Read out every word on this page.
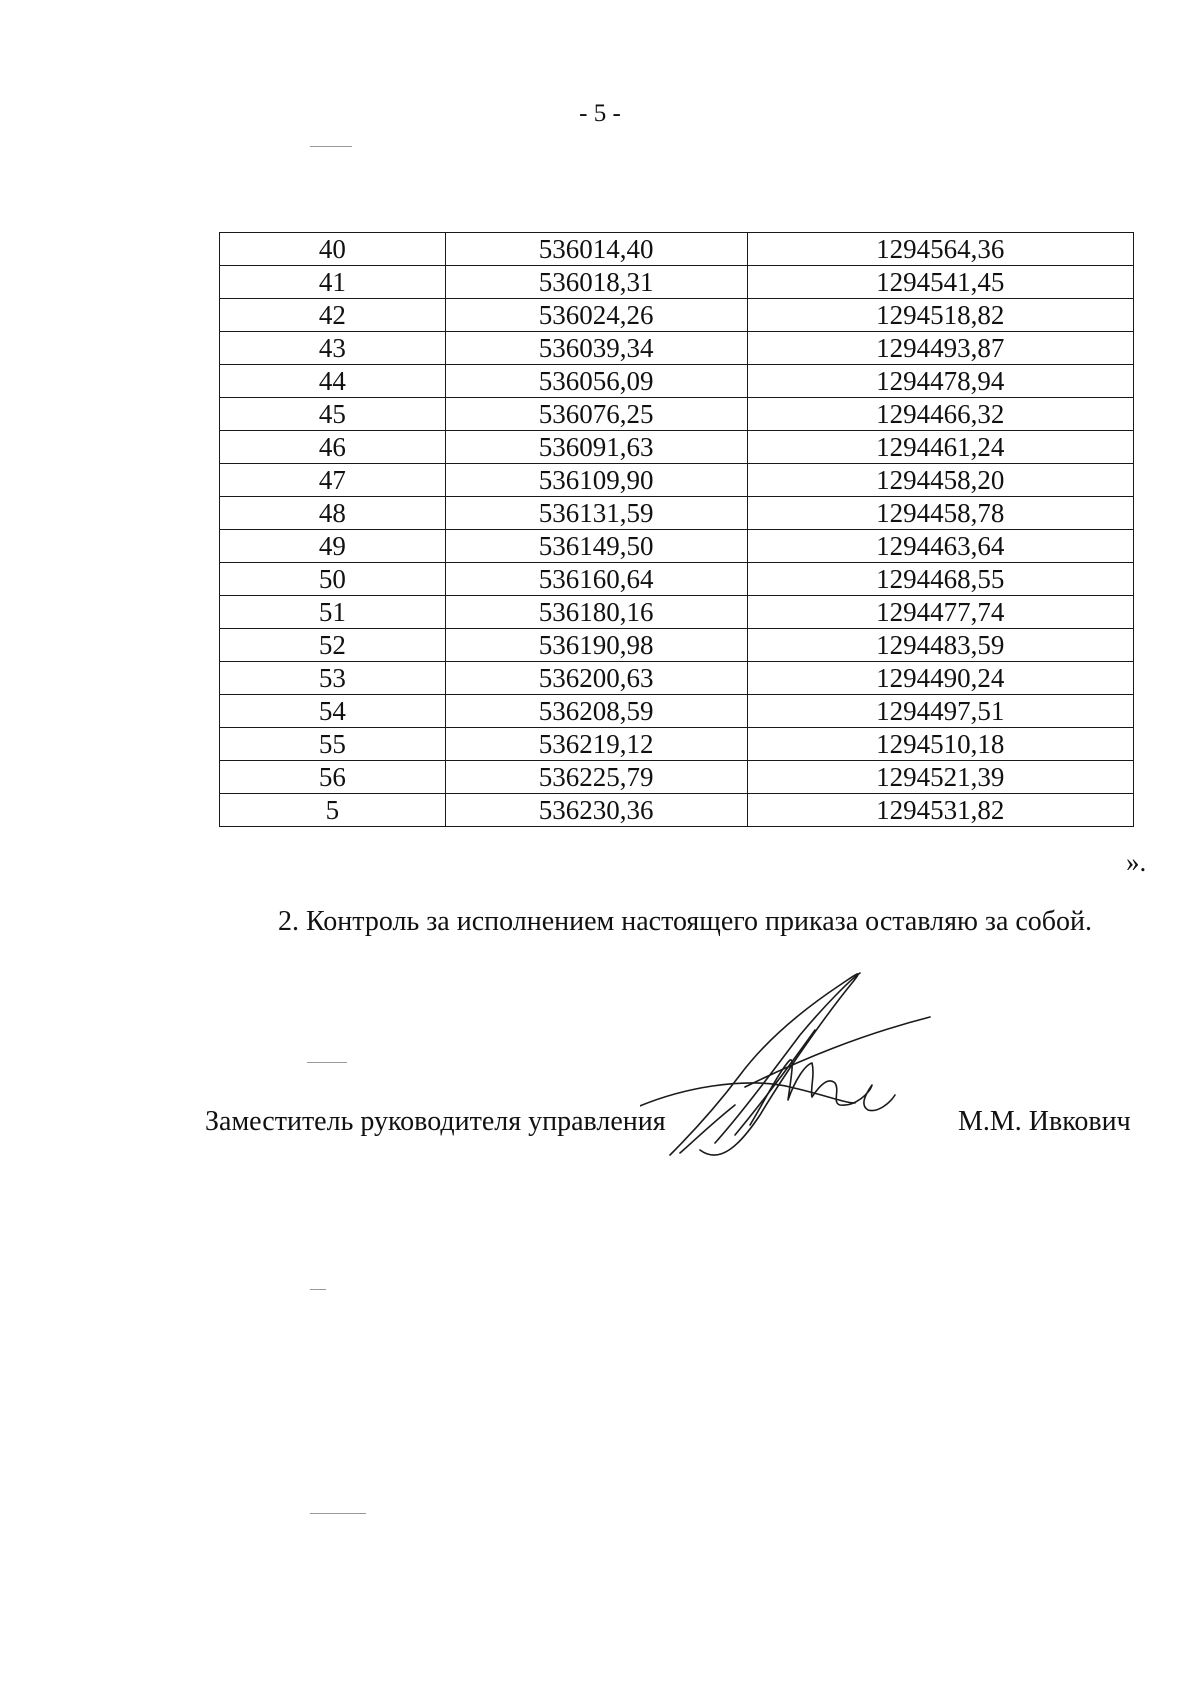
- 5 -
40	536014,40	1294564,36
41	536018,31	1294541,45
42	536024,26	1294518,82
43	536039,34	1294493,87
44	536056,09	1294478,94
45	536076,25	1294466,32
46	536091,63	1294461,24
47	536109,90	1294458,20
48	536131,59	1294458,78
49	536149,50	1294463,64
50	536160,64	1294468,55
51	536180,16	1294477,74
52	536190,98	1294483,59
53	536200,63	1294490,24
54	536208,59	1294497,51
55	536219,12	1294510,18
56	536225,79	1294521,39
5	536230,36	1294531,82
».
2. Контроль за исполнением настоящего приказа оставляю за собой.
Заместитель руководителя управления	М.М. Ивкович
